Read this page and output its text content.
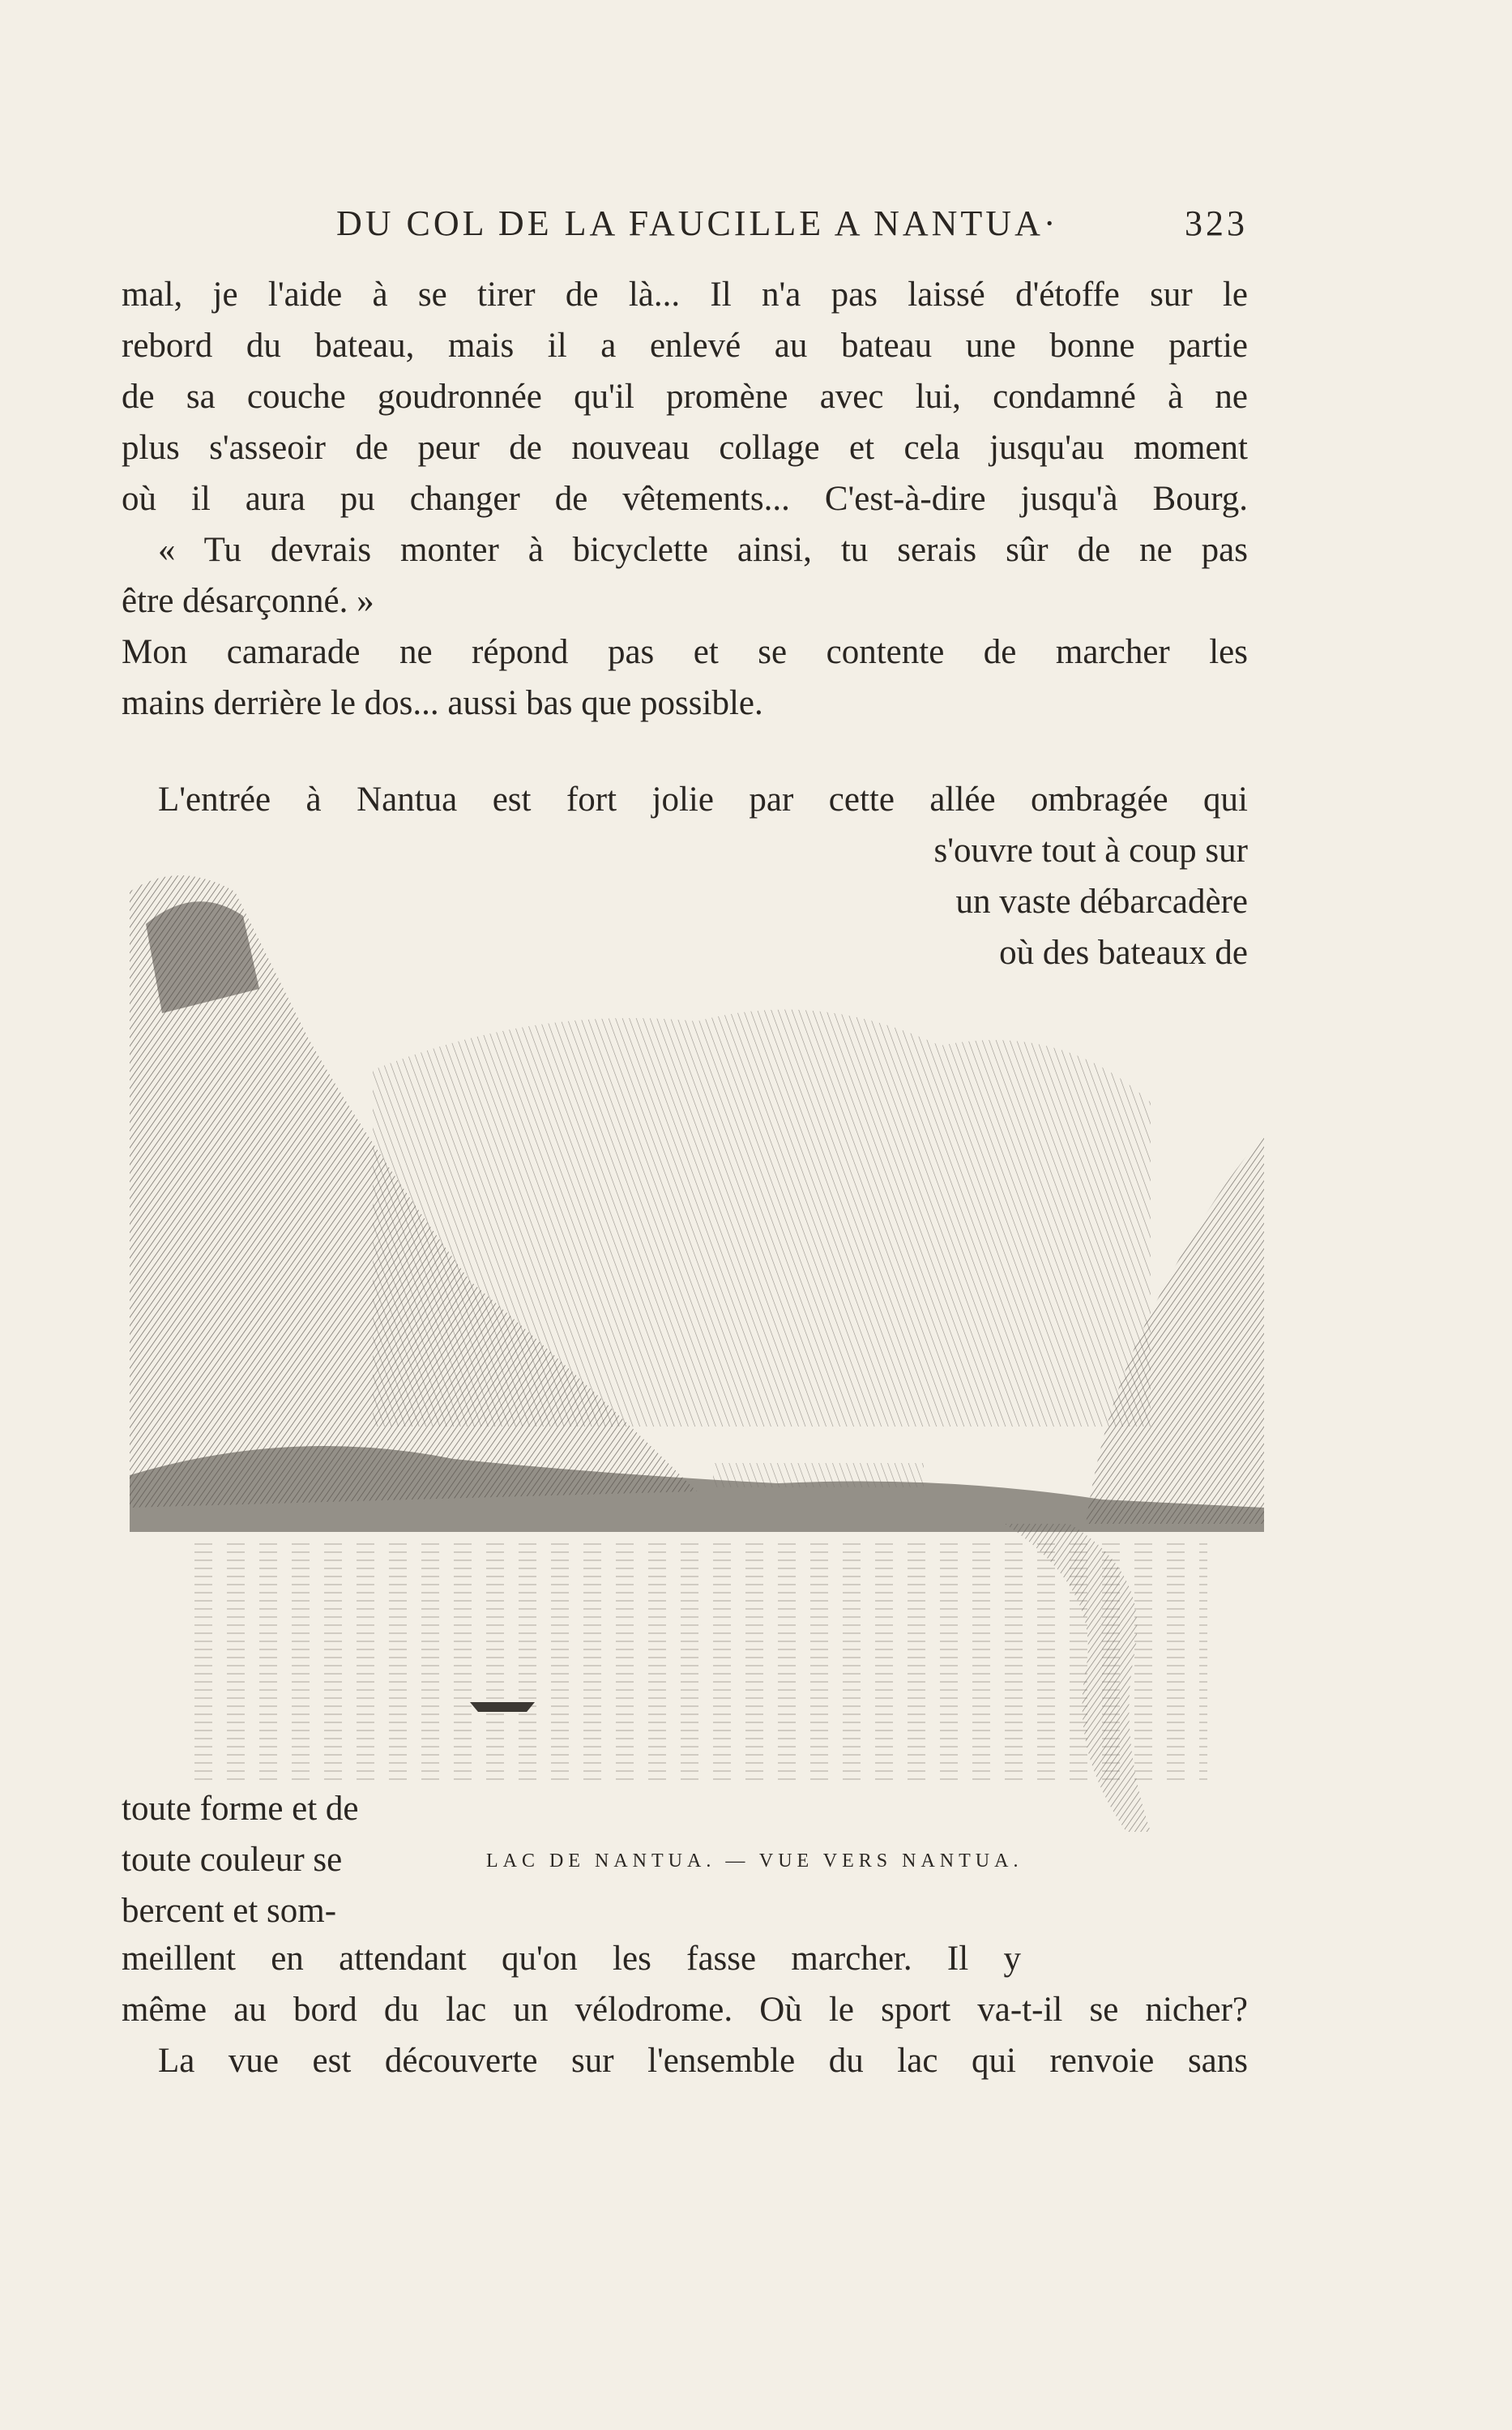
DU COL DE LA FAUCILLE A NANTUA·	323
mal, je l'aide à se tirer de là... Il n'a pas laissé d'étoffe sur le
rebord du bateau, mais il a enlevé au bateau une bonne partie
de sa couche goudronnée qu'il promène avec lui, condamné à ne
plus s'asseoir de peur de nouveau collage et cela jusqu'au moment
où il aura pu changer de vêtements... C'est-à-dire jusqu'à Bourg.
« Tu devrais monter à bicyclette ainsi, tu serais sûr de ne pas
être désarçonné. »
Mon camarade ne répond pas et se contente de marcher les
mains derrière le dos... aussi bas que possible.
L'entrée à Nantua est fort jolie par cette allée ombragée qui
s'ouvre tout à coup sur
un vaste débarcadère
où des bateaux de
LAC DE NANTUA. — VUE VERS NANTUA.
toute forme et de
toute couleur se
bercent et som-
meillent en attendant qu'on les fasse marcher. Il y
même au bord du lac un vélodrome. Où le sport va-t-il se nicher?
La vue est découverte sur l'ensemble du lac qui renvoie sans
